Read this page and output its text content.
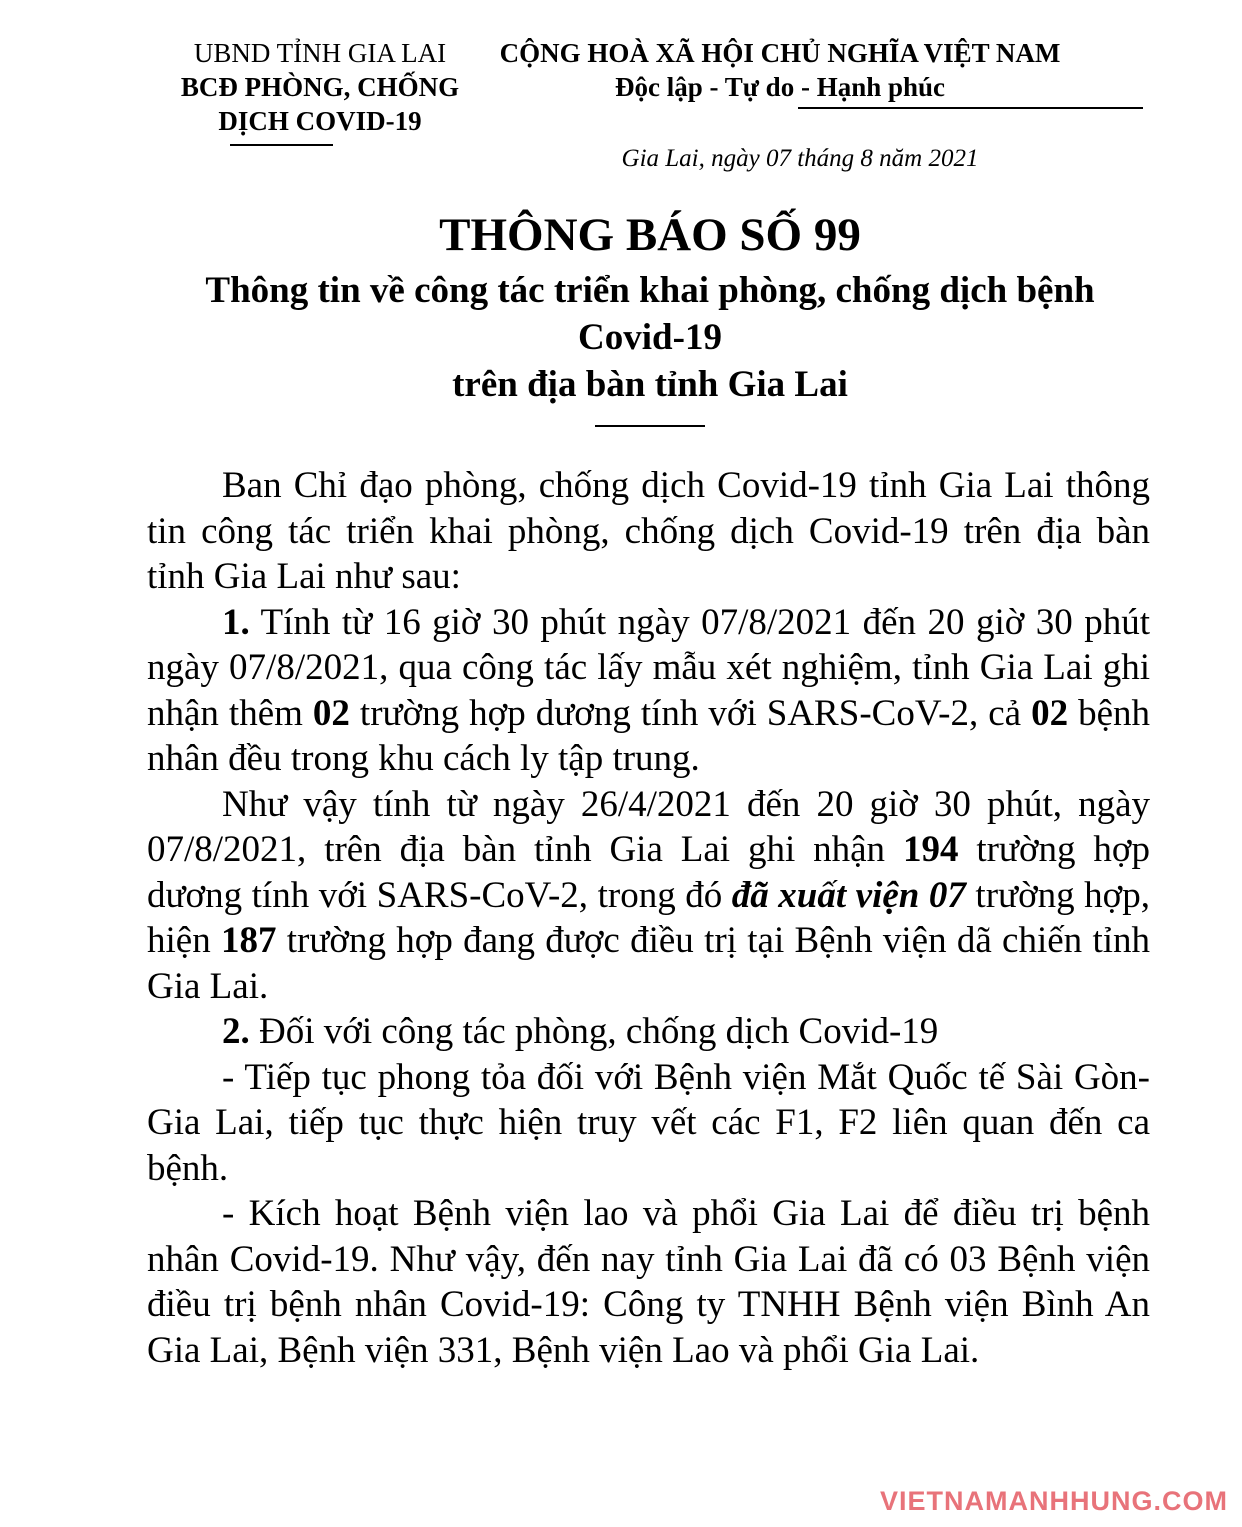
UBND TỈNH GIA LAI
BCĐ PHÒNG, CHỐNG
DỊCH COVID-19
CỘNG HOÀ XÃ HỘI CHỦ NGHĨA VIỆT NAM
Độc lập - Tự do - Hạnh phúc
Gia Lai, ngày 07 tháng 8 năm 2021
THÔNG BÁO SỐ 99
Thông tin về công tác triển khai phòng, chống dịch bệnh
Covid-19
trên địa bàn tỉnh Gia Lai

Ban Chỉ đạo phòng, chống dịch Covid-19 tỉnh Gia Lai thông tin công tác triển khai phòng, chống dịch Covid-19 trên địa bàn tỉnh Gia Lai như sau:

1. Tính từ 16 giờ 30 phút ngày 07/8/2021 đến 20 giờ 30 phút ngày 07/8/2021, qua công tác lấy mẫu xét nghiệm, tỉnh Gia Lai ghi nhận thêm 02 trường hợp dương tính với SARS-CoV-2, cả 02 bệnh nhân đều trong khu cách ly tập trung.

Như vậy tính từ ngày 26/4/2021 đến 20 giờ 30 phút, ngày 07/8/2021, trên địa bàn tỉnh Gia Lai ghi nhận 194 trường hợp dương tính với SARS-CoV-2, trong đó đã xuất viện 07 trường hợp, hiện 187 trường hợp đang được điều trị tại Bệnh viện dã chiến tỉnh Gia Lai.

2. Đối với công tác phòng, chống dịch Covid-19

- Tiếp tục phong tỏa đối với Bệnh viện Mắt Quốc tế Sài Gòn- Gia Lai, tiếp tục thực hiện truy vết các F1, F2 liên quan đến ca bệnh.

- Kích hoạt Bệnh viện lao và phổi Gia Lai để điều trị bệnh nhân Covid-19. Như vậy, đến nay tỉnh Gia Lai đã có 03 Bệnh viện điều trị bệnh nhân Covid-19: Công ty TNHH Bệnh viện Bình An Gia Lai, Bệnh viện 331, Bệnh viện Lao và phổi Gia Lai.

VIETNAMANHHUNG.COM
